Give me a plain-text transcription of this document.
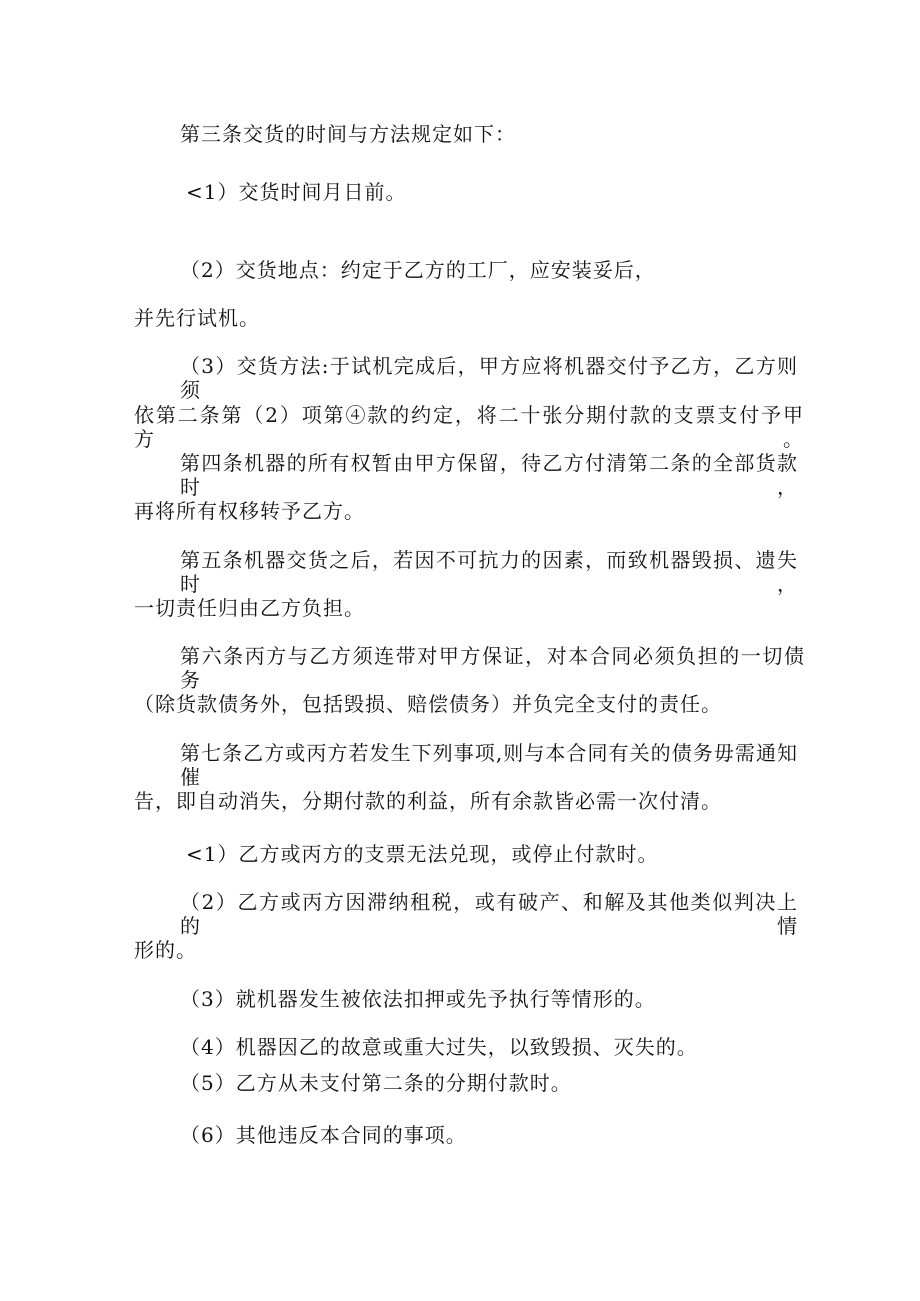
第三条交货的时间与方法规定如下：
<1）交货时间月日前。
（2）交货地点：约定于乙方的工厂，应安装妥后，
并先行试机。
（3）交货方法:于试机完成后，甲方应将机器交付予乙方，乙方则须
依第二条第（2）项第④款的约定，将二十张分期付款的支票支付予甲方。
第四条机器的所有权暂由甲方保留，待乙方付清第二条的全部货款时，
再将所有权移转予乙方。
第五条机器交货之后，若因不可抗力的因素，而致机器毁损、遗失时，
一切责任归由乙方负担。
第六条丙方与乙方须连带对甲方保证，对本合同必须负担的一切债务
（除货款债务外，包括毁损、赔偿债务）并负完全支付的责任。
第七条乙方或丙方若发生下列事项,则与本合同有关的债务毋需通知催
告，即自动消失，分期付款的利益，所有余款皆必需一次付清。
<1）乙方或丙方的支票无法兑现，或停止付款时。
（2）乙方或丙方因滞纳租税，或有破产、和解及其他类似判决上的情
形的。
（3）就机器发生被依法扣押或先予执行等情形的。
（4）机器因乙的故意或重大过失，以致毁损、灭失的。
（5）乙方从未支付第二条的分期付款时。
（6）其他违反本合同的事项。
